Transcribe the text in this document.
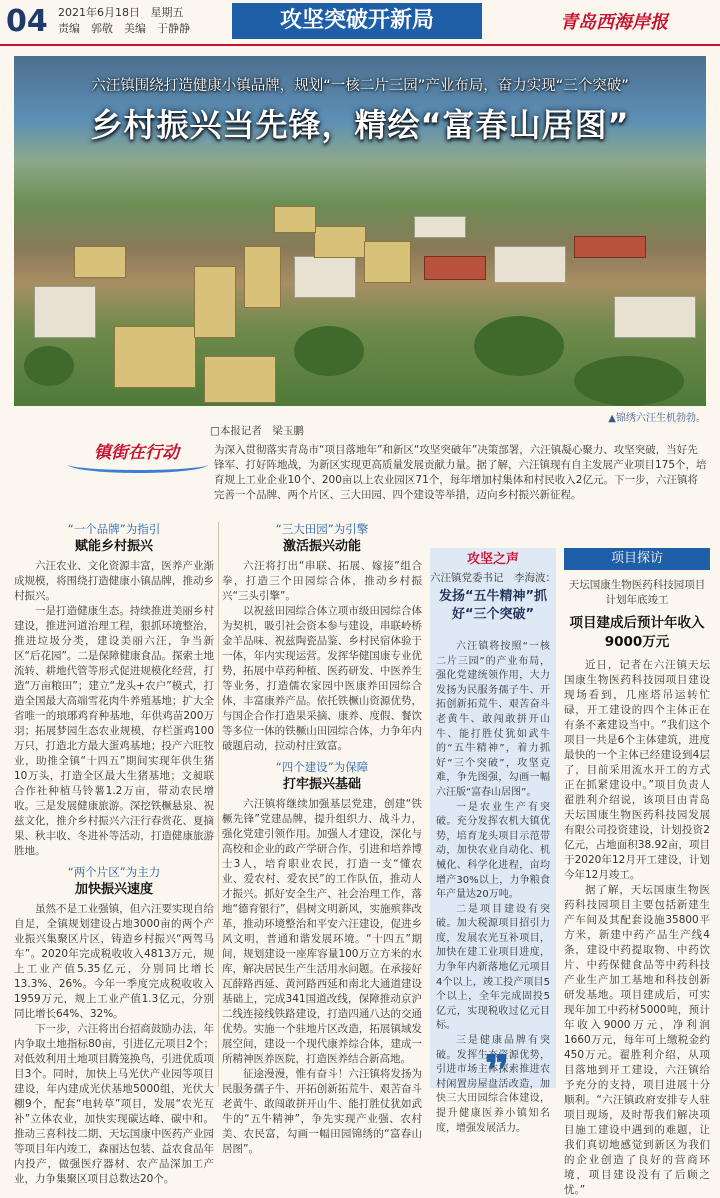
04 2021年6月18日 星期五
责编　郭敬　美编　于静静	攻坚突破开新局	青岛西海岸报
六汪镇围绕打造健康小镇品牌，规划“一核二片三园”产业布局，奋力实现“三个突破”
乡村振兴当先锋，精绘“富春山居图”
▲锦绣六汪生机勃勃。
□本报记者　梁玉鹏
镇街在行动	为深入贯彻落实青岛市“项目落地年”和新区“攻坚突破年”决策部署，六汪镇凝心聚力、攻坚突破，当好先锋军、打好阵地战，为新区实现更高质量发展贡献力量。据了解，六汪镇现有自主发展产业项目175个，培育规上工业企业10个、200亩以上农业园区71个，每年增加村集体和村民收入2亿元。下一步，六汪镇将完善一个品牌、两个片区、三大田园、四个建设等举措，迈向乡村振兴新征程。
“一个品牌”为指引
赋能乡村振兴

六汪农业、文化资源丰富，医养产业渐成规模，将围绕打造健康小镇品牌，推动乡村振兴。

一是打造健康生态。持续推进美丽乡村建设，推进河道治理工程，狠抓环境整治，推进垃圾分类，建设美丽六汪，争当新区“后花园”。二是保障健康食品。探索土地流转、耕地代管等形式促进规模化经营，打造“万亩粮田”；建立“龙头+农户”模式，打造全国最大高端雪花肉牛养殖基地；扩大全省唯一的琅琊鸡育种基地，年供鸡苗200万羽；拓展梦园生态农业规模，存栏蛋鸡100万只，打造北方最大蛋鸡基地；投产六旺牧业，助推全镇“十四五”期间实现年供生猪10万头，打造全区最大生猪基地；文昶联合作社种植马铃薯1.2万亩，带动农民增收。三是发展健康旅游。深挖铁橛悬泉、祝兹文化，推介乡村振兴六汪行春赏花、夏摘果、秋丰收、冬进补等活动，打造健康旅游胜地。

“两个片区”为主力
加快振兴速度

虽然不是工业强镇，但六汪要实现自给自足，全镇规划建设占地3000亩的两个产业振兴集聚区片区，铸造乡村振兴“两驾马车”。2020年完成税收收入4813万元，规上工业产值5.35亿元，分别同比增长13.3%、26%。今年一季度完成税收收入1959万元，规上工业产值1.3亿元，分别同比增长64%、32%。

下一步，六汪将出台招商鼓励办法，年内争取土地指标80亩，引进亿元项目2个；对低效利用土地项目腾笼换鸟，引进优质项目3个。同时，加快上马光伏产业园等项目建设，年内建成光伏基地5000组，光伏大棚9个，配套“电转草”项目，发展“农光互补”立体农业，加快实现碳达峰、碳中和。推动三喜科技二期、天坛国康中医药产业园等项目年内竣工，森丽达包装、益农食品年内投产，做强医疗器材、农产品深加工产业，力争集聚区项目总数达20个。

“三大田园”为引擎
激活振兴动能

六汪将打出“串联、拓展、嫁接”组合拳，打造三个田园综合体，推动乡村振兴“三头引擎”。

以祝兹田园综合体立项市级田园综合体为契机，吸引社会资本参与建设，串联岭桥金羊品味、祝兹陶瓷品鉴、乡村民宿体验于一体，年内实现运营。发挥华健国康专业优势，拓展中草药种植、医药研发、中医养生等业务，打造儒农家园中医康养田园综合体，丰富康养产品。依托铁橛山资源优势，与国企合作打造果采摘、康养、度假、餐饮等多位一体的铁橛山田园综合体，力争年内破题启动，拉动村庄致富。

“四个建设”为保障
打牢振兴基础

六汪镇将继续加强基层党建，创建“铁橛先锋”党建品牌，提升组织力、战斗力，强化党建引领作用。加强人才建设，深化与高校和企业的政产学研合作，引进和培养博士3人，培育职业农民，打造一支“懂农业、爱农村、爱农民”的工作队伍，推动人才振兴。抓好安全生产、社会治理工作，落地“德育银行”，倡树文明新风，实施殡葬改革，推动环境整治和平安六汪建设，促进乡风文明，普通和谐发展环境。“十四五”期间，规划建设一座库容量100万立方米的水库，解决居民生产生活用水问题。在承接好瓦薛路西延、黄河路西延和南北大通道建设基础上，完成341国道改线，保障推动京沪二线连接线铁路建设，打造四通八达的交通优势。实施一个驻地片区改造，拓展镇域发展空间，建设一个现代康养综合体，建成一所精神医养医院，打造医养结合新高地。

征途漫漫，惟有奋斗！六汪镇将发扬为民服务孺子牛、开拓创新拓荒牛、艰苦奋斗老黄牛、敢闯敢拼开山牛、能打胜仗犹如武牛的“五牛精神”，争先实现产业强、农村美、农民富，勾画一幅田园锦绣的“富春山居图”。

攻坚之声
六汪镇党委书记　李海波：
发扬“五牛精神”抓好“三个突破”

六汪镇将按照“一核二片三园”的产业布局，强化党建统领作用，大力发扬为民服务孺子牛、开拓创新拓荒牛、艰苦奋斗老黄牛、敢闯敢拼开山牛、能打胜仗犹如武牛的“五牛精神”，着力抓好“三个突破”，攻坚克难，争先图强，勾画一幅六汪版“富春山居图”。

一是农业生产有突破。充分发挥农机大镇优势，培育龙头项目示范带动，加快农业自动化、机械化、科学化进程，亩均增产30%以上，力争粮食年产量达20万吨。

二是项目建设有突破。加大税源项目招引力度，发展农光互补项目，加快在建工业项目进度，力争年内新落地亿元项目4个以上，竣工投产项目5个以上，全年完成固投5亿元，实现税收过亿元目标。

三是健康品牌有突破。发挥生态资源优势，引进市场主体探索推进农村闲置房屋盘活改造，加快三大田园综合体建设，提升健康医养小镇知名度，增强发展活力。

❞
项目探访
天坛国康生物医药科技园项目计划年底竣工
项目建成后预计年收入9000万元

近日，记者在六汪镇天坛国康生物医药科技园项目建设现场看到，几座塔吊运转忙碌，开工建设的四个主体正在有条不紊建设当中。“我们这个项目一共是6个主体建筑，进度最快的一个主体已经建设到4层了，目前采用流水开工的方式正在抓紧建设中。”项目负责人翟胜利介绍说，该项目由青岛天坛国康生物医药科技园发展有限公司投资建设，计划投资2亿元，占地面积38.92亩，项目于2020年12月开工建设，计划今年12月竣工。

据了解，天坛国康生物医药科技园项目主要包括新建生产车间及其配套设施35800平方米，新建中药产品生产线4条，建设中药提取物、中药饮片、中药保健食品等中药科技产业生产加工基地和科技创新研发基地。项目建成后，可实现年加工中药材5000吨，预计年收入9000万元，净利润1660万元，每年可上缴税金约450万元。翟胜利介绍，从项目落地到开工建设，六汪镇给予充分的支持，项目进展十分顺利。“六汪镇政府安排专人驻项目现场，及时帮我们解决项目施工建设中遇到的难题，让我们真切地感觉到新区为我们的企业创造了良好的营商环境，项目建设没有了后顾之忧。”
